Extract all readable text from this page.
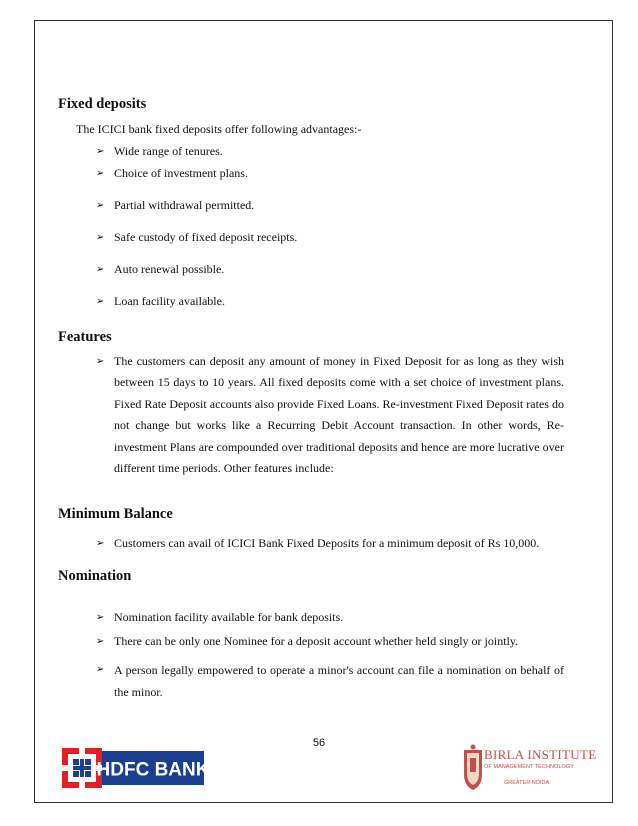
Fixed deposits
The ICICI bank fixed deposits offer following advantages:-
➢ Wide range of tenures.
➢ Choice of investment plans.
➢ Partial withdrawal permitted.
➢ Safe custody of fixed deposit receipts.
➢ Auto renewal possible.
➢ Loan facility available.
Features
➢ The customers can deposit any amount of money in Fixed Deposit for as long as they wish between 15 days to 10 years. All fixed deposits come with a set choice of investment plans. Fixed Rate Deposit accounts also provide Fixed Loans. Re-investment Fixed Deposit rates do not change but works like a Recurring Debit Account transaction. In other words, Re-investment Plans are compounded over traditional deposits and hence are more lucrative over different time periods. Other features include:
Minimum Balance
➢ Customers can avail of ICICI Bank Fixed Deposits for a minimum deposit of Rs 10,000.
Nomination
➢ Nomination facility available for bank deposits.
➢ There can be only one Nominee for a deposit account whether held singly or jointly.
➢ A person legally empowered to operate a minor's account can file a nomination on behalf of the minor.
56
HDFC BANK
BIRLA INSTITUTE
OF MANAGEMENT TECHNOLOGY
GREATER NOIDA
